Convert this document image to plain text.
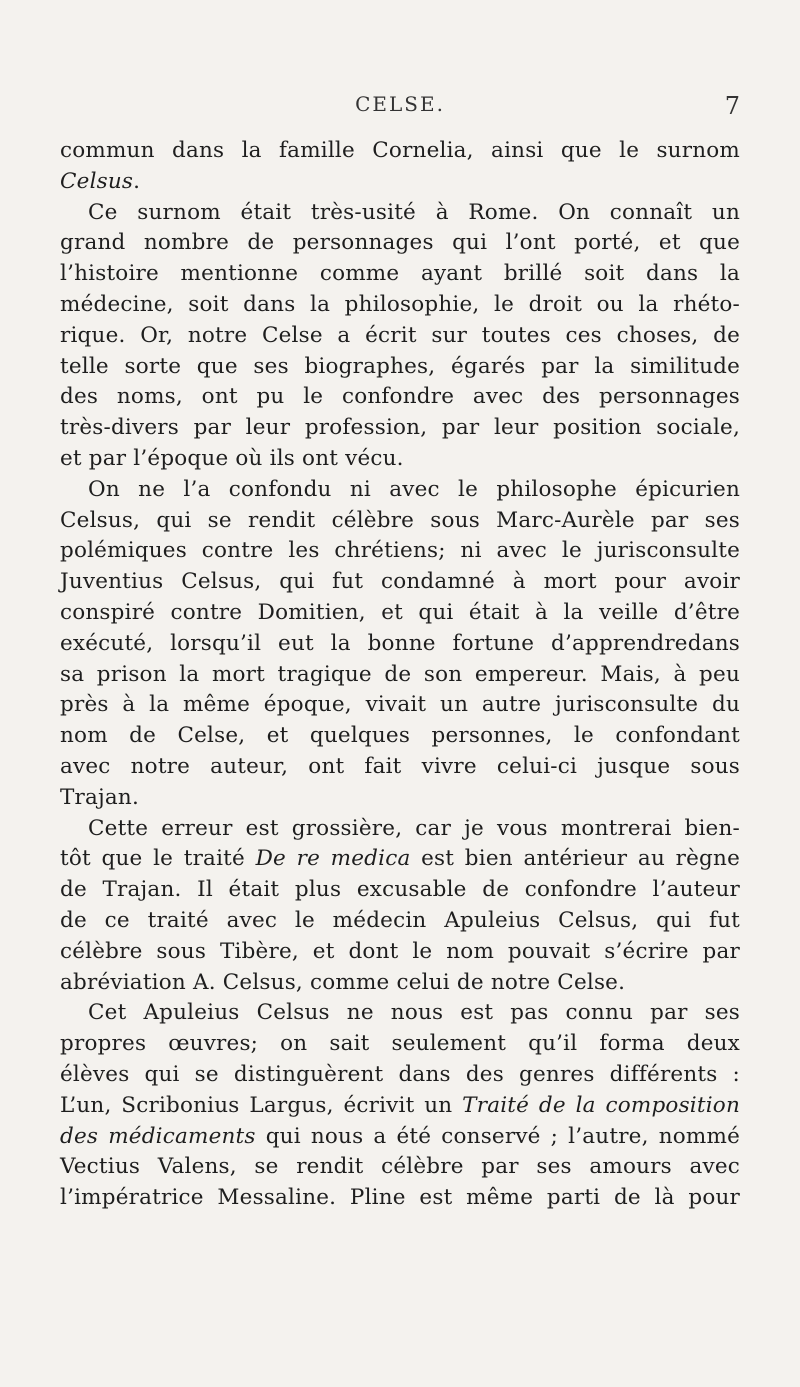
CELSE.	7
commun dans la famille Cornelia, ainsi que le surnom
Celsus.
Ce surnom était très-usité à Rome. On connaît un
grand nombre de personnages qui l’ont porté, et que
l’histoire mentionne comme ayant brillé soit dans la
médecine, soit dans la philosophie, le droit ou la rhéto-
rique. Or, notre Celse a écrit sur toutes ces choses, de
telle sorte que ses biographes, égarés par la similitude
des noms, ont pu le confondre avec des personnages
très-divers par leur profession, par leur position sociale,
et par l’époque où ils ont vécu.
On ne l’a confondu ni avec le philosophe épicurien
Celsus, qui se rendit célèbre sous Marc-Aurèle par ses
polémiques contre les chrétiens; ni avec le jurisconsulte
Juventius Celsus, qui fut condamné à mort pour avoir
conspiré contre Domitien, et qui était à la veille d’être
exécuté, lorsqu’il eut la bonne fortune d’apprendredans
sa prison la mort tragique de son empereur. Mais, à peu
près à la même époque, vivait un autre jurisconsulte du
nom de Celse, et quelques personnes, le confondant
avec notre auteur, ont fait vivre celui-ci jusque sous
Trajan.
Cette erreur est grossière, car je vous montrerai bien-
tôt que le traité De re medica est bien antérieur au règne
de Trajan. Il était plus excusable de confondre l’auteur
de ce traité avec le médecin Apuleius Celsus, qui fut
célèbre sous Tibère, et dont le nom pouvait s’écrire par
abréviation A. Celsus, comme celui de notre Celse.
Cet Apuleius Celsus ne nous est pas connu par ses
propres œuvres; on sait seulement qu’il forma deux
élèves qui se distinguèrent dans des genres différents :
L’un, Scribonius Largus, écrivit un Traité de la composition
des médicaments qui nous a été conservé ; l’autre, nommé
Vectius Valens, se rendit célèbre par ses amours avec
l’impératrice Messaline. Pline est même parti de là pour
